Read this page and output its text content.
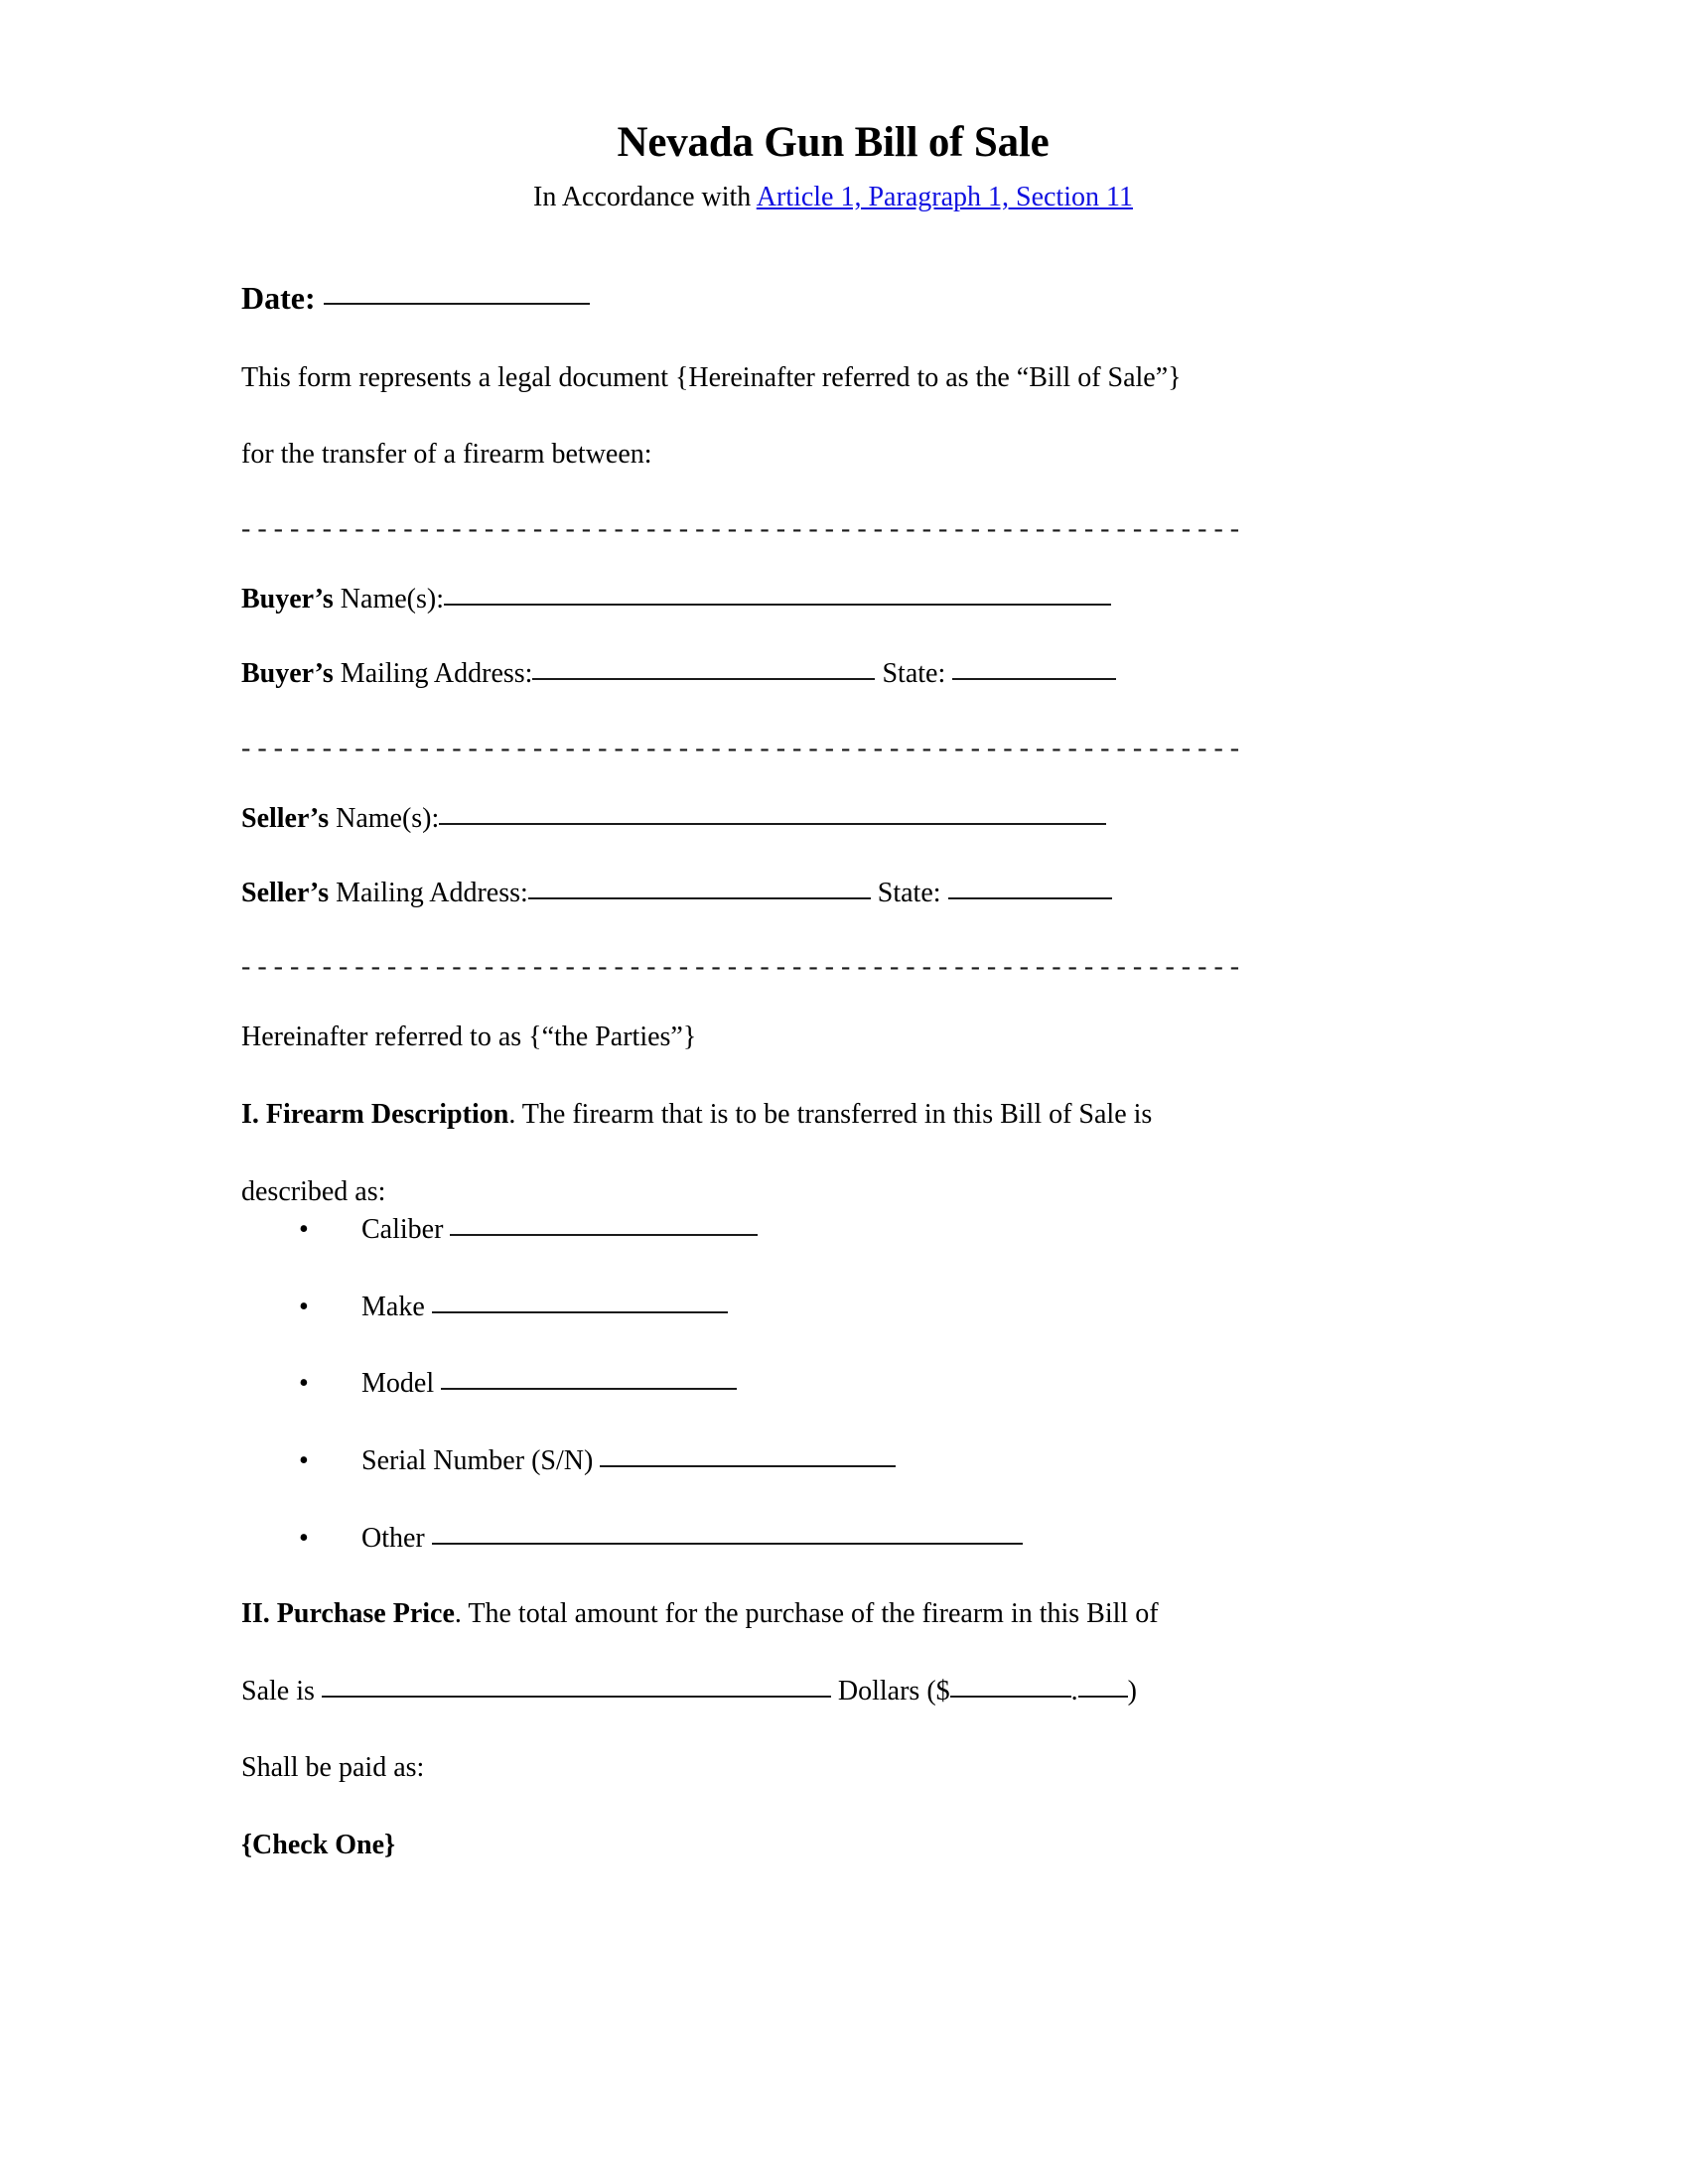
Nevada Gun Bill of Sale
In Accordance with Article 1, Paragraph 1, Section 11
Date:
This form represents a legal document {Hereinafter referred to as the “Bill of Sale”}
for the transfer of a firearm between:
- - - - - - - - - - - - - - - - - - - - - - - - - - - - - - - - - - - - - - - - - - - - - - - - - - - - - - - - - - - - - -
Buyer’s Name(s):
Buyer’s Mailing Address:	State:
- - - - - - - - - - - - - - - - - - - - - - - - - - - - - - - - - - - - - - - - - - - - - - - - - - - - - - - - - - - - - -
Seller’s Name(s):
Seller’s Mailing Address:	State:
- - - - - - - - - - - - - - - - - - - - - - - - - - - - - - - - - - - - - - - - - - - - - - - - - - - - - - - - - - - - - -
Hereinafter referred to as {“the Parties”}
I. Firearm Description. The firearm that is to be transferred in this Bill of Sale is
described as:
• Caliber
• Make
• Model
• Serial Number (S/N)
• Other
II. Purchase Price. The total amount for the purchase of the firearm in this Bill of
Sale is	Dollars ($	. )
Shall be paid as:
{Check One}
